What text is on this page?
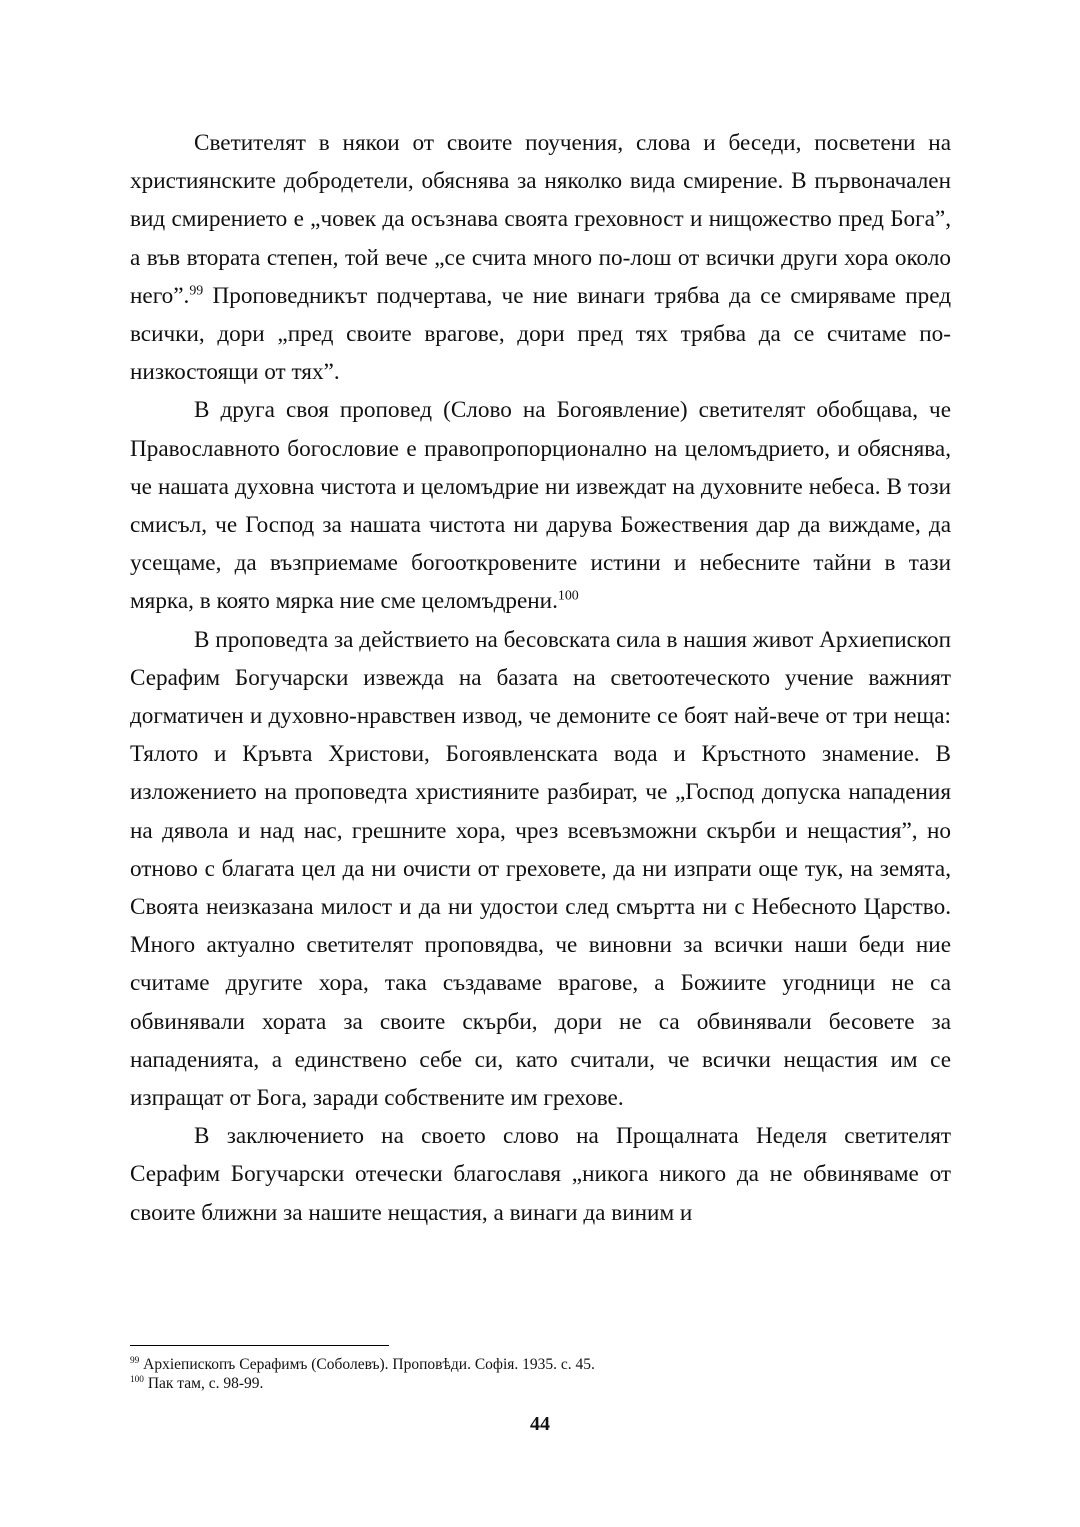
Светителят в някои от своите поучения, слова и беседи, посветени на християнските добродетели, обяснява за няколко вида смирение. В първоначален вид смирението е „човек да осъзнава своята греховност и нищожество пред Бога”, а във втората степен, той вече „се счита много по-лош от всички други хора около него”.$^{99}$ Проповедникът подчертава, че ние винаги трябва да се смиряваме пред всички, дори „пред своите врагове, дори пред тях трябва да се считаме по-низкостоящи от тях”.

В друга своя проповед (Слово на Богоявление) светителят обобщава, че Православното богословие е правопропорционално на целомъдрието, и обяснява, че нашата духовна чистота и целомъдрие ни извеждат на духовните небеса. В този смисъл, че Господ за нашата чистота ни дарува Божествения дар да виждаме, да усещаме, да възприемаме богооткровените истини и небесните тайни в тази мярка, в която мярка ние сме целомъдрени.$^{100}$

В проповедта за действието на бесовската сила в нашия живот Архиепископ Серафим Богучарски извежда на базата на светоотеческото учение важният догматичен и духовно-нравствен извод, че демоните се боят най-вече от три неща: Тялото и Кръвта Христови, Богоявленската вода и Кръстното знамение. В изложението на проповедта християните разбират, че „Господ допуска нападения на дявола и над нас, грешните хора, чрез всевъзможни скърби и нещастия”, но отново с благата цел да ни очисти от греховете, да ни изпрати още тук, на земята, Своята неизказана милост и да ни удостои след смъртта ни с Небесното Царство. Много актуално светителят проповядва, че виновни за всички наши беди ние считаме другите хора, така създаваме врагове, а Божиите угодници не са обвинявали хората за своите скърби, дори не са обвинявали бесовете за нападенията, а единствено себе си, като считали, че всички нещастия им се изпращат от Бога, заради собствените им грехове.

В заключението на своето слово на Прощалната Неделя светителят Серафим Богучарски отечески благославя „никога никого да не обвиняваме от своите ближни за нашите нещастия, а винаги да виним и

$^{99}$ Архіепископъ Серафимъ (Соболевъ). Проповѣди. Софія. 1935. с. 45.

$^{100}$ Пак там, с. 98-99.

44
